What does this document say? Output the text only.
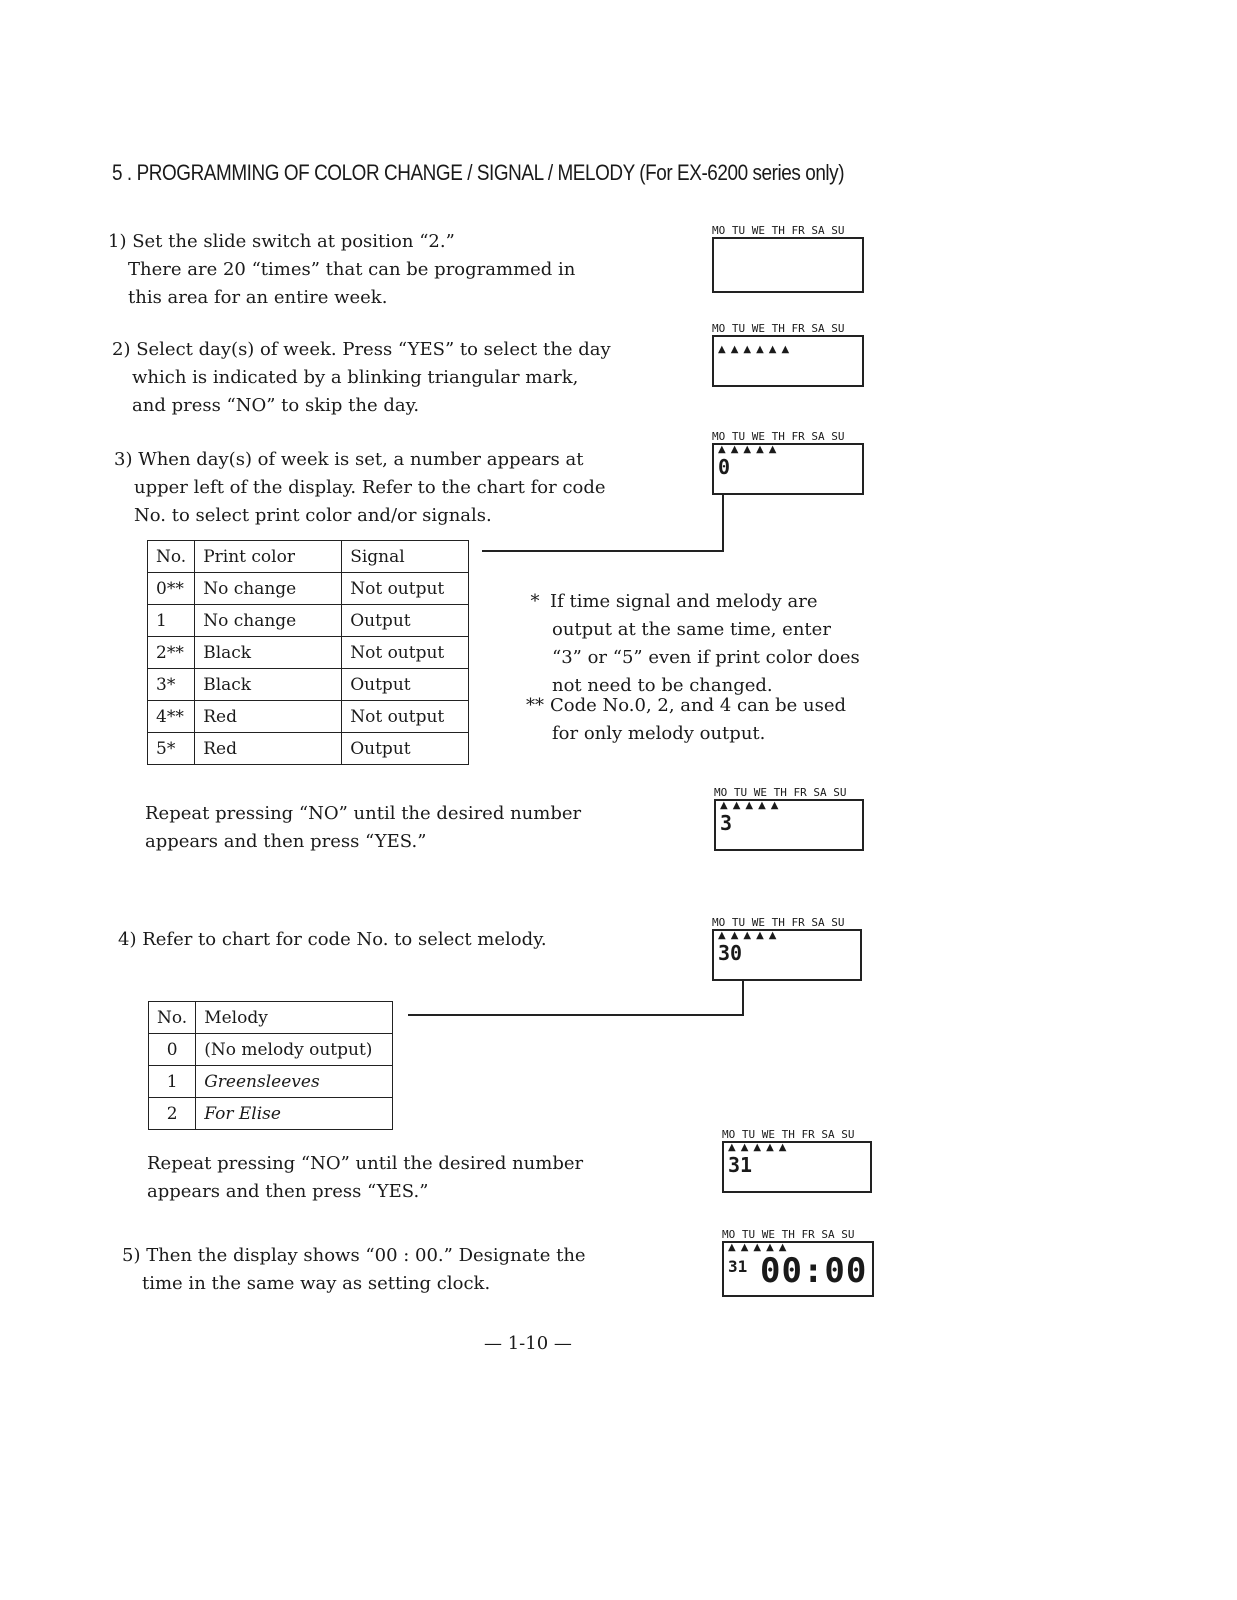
5 . PROGRAMMING OF COLOR CHANGE / SIGNAL / MELODY (For EX-6200 series only)
1) Set the slide switch at position “2.”
There are 20 “times” that can be programmed in
this area for an entire week.
2) Select day(s) of week. Press “YES” to select the day
which is indicated by a blinking triangular mark,
and press “NO” to skip the day.
3) When day(s) of week is set, a number appears at
upper left of the display. Refer to the chart for code
No. to select print color and/or signals.
No.	Print color	Signal
0**	No change	Not output
1	No change	Output
2**	Black	Not output
3*	Black	Output
4**	Red	Not output
5*	Red	Output

* If time signal and melody are output at the same time, enter “3” or “5” even if print color does not need to be changed.

** Code No.0, 2, and 4 can be used for only melody output.

Repeat pressing “NO” until the desired number
appears and then press “YES.”
4) Refer to chart for code No. to select melody.
No.	Melody
0	(No melody output)
1	Greensleeves
2	For Elise
Repeat pressing “NO” until the desired number
appears and then press “YES.”
5) Then the display shows “00 : 00.” Designate the
time in the same way as setting clock.
MO TU WE TH FR SA SU
MO TU WE TH FR SA SU
▲▲▲▲▲▲
MO TU WE TH FR SA SU
▲▲▲▲▲
0
MO TU WE TH FR SA SU
▲▲▲▲▲
3
MO TU WE TH FR SA SU
▲▲▲▲▲
30
MO TU WE TH FR SA SU
▲▲▲▲▲
31
MO TU WE TH FR SA SU
▲▲▲▲▲
31 00:00
— 1-10 —
